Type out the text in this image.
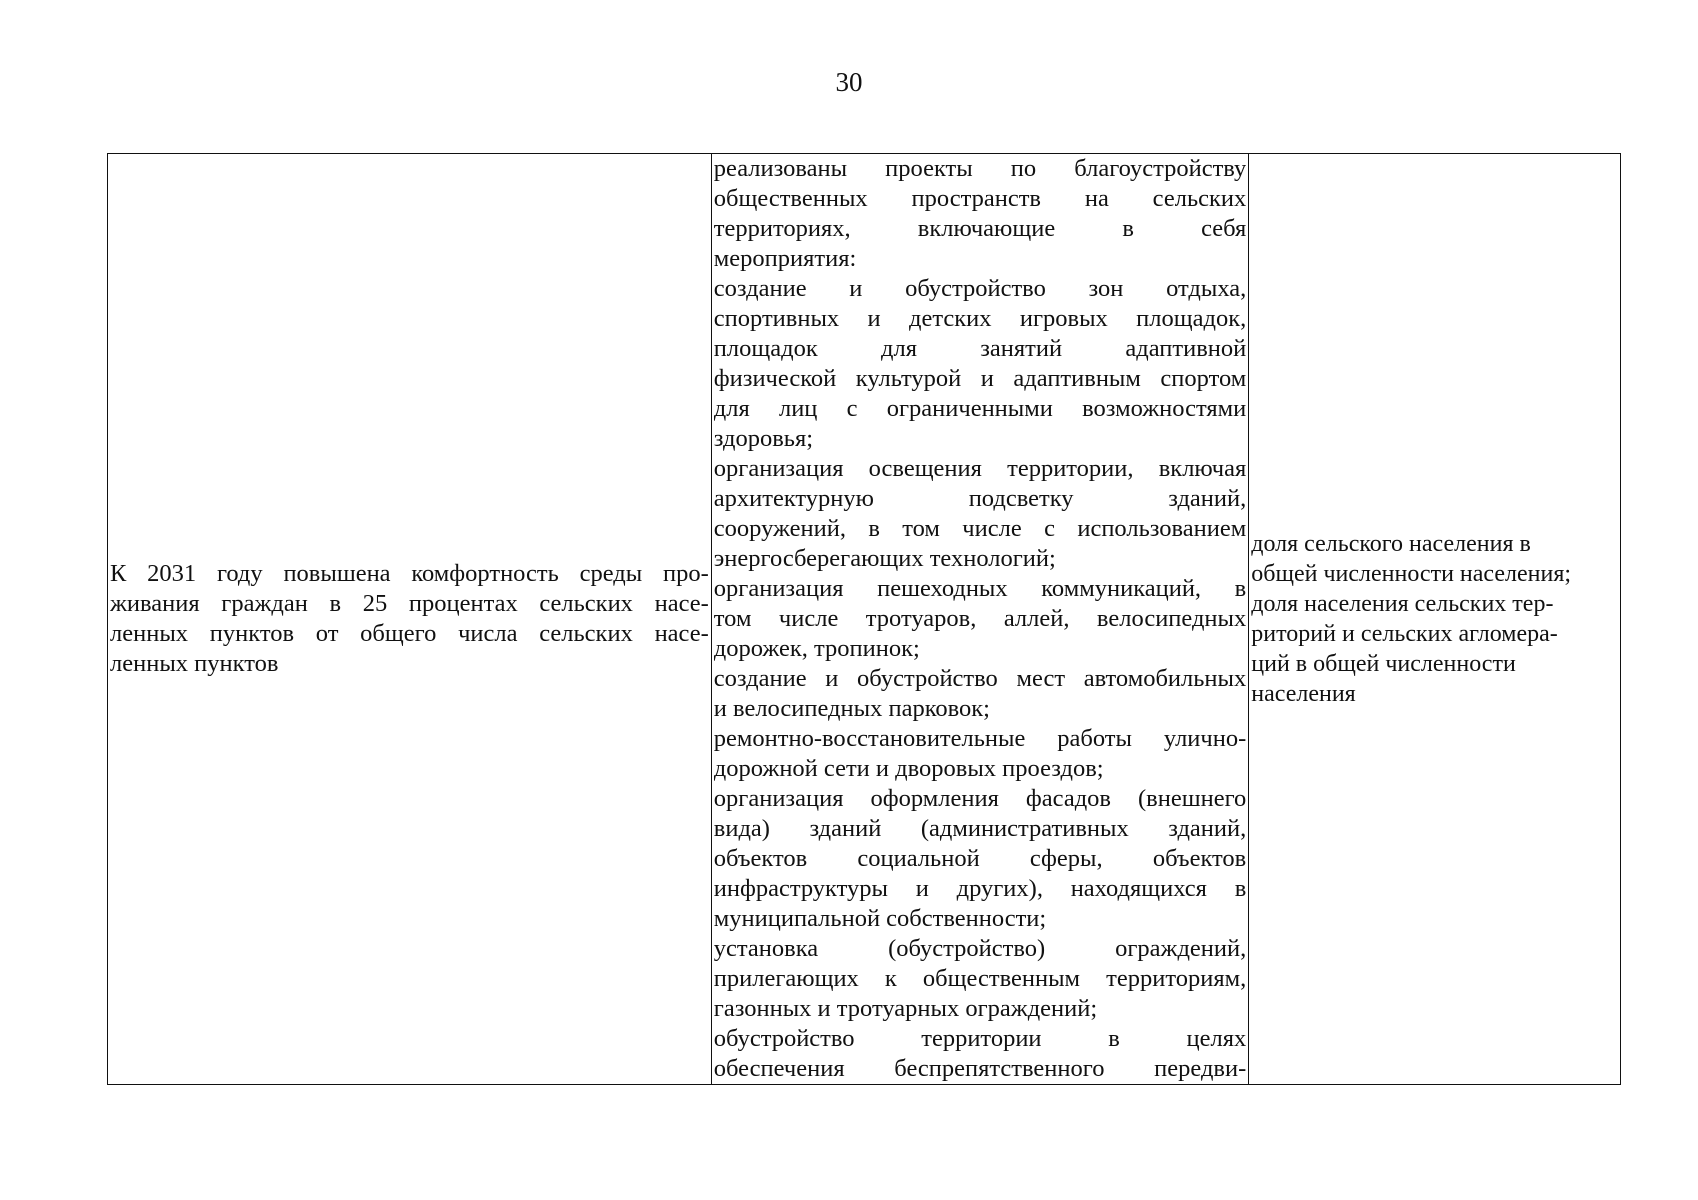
30
К 2031 году повышена комфортность среды про-
живания граждан в 25 процентах сельских насе-
ленных пунктов от общего числа сельских насе-
ленных пунктов

реализованы проекты по благоустройству
общественных пространств на сельских
территориях, включающие в себя
мероприятия:
создание и обустройство зон отдыха,
спортивных и детских игровых площадок,
площадок для занятий адаптивной
физической культурой и адаптивным спортом
для лиц с ограниченными возможностями
здоровья;
организация освещения территории, включая
архитектурную подсветку зданий,
сооружений, в том числе с использованием
энергосберегающих технологий;
организация пешеходных коммуникаций, в
том числе тротуаров, аллей, велосипедных
дорожек, тропинок;
создание и обустройство мест автомобильных
и велосипедных парковок;
ремонтно-восстановительные работы улично-
дорожной сети и дворовых проездов;
организация оформления фасадов (внешнего
вида) зданий (административных зданий,
объектов социальной сферы, объектов
инфраструктуры и других), находящихся в
муниципальной собственности;
установка (обустройство) ограждений,
прилегающих к общественным территориям,
газонных и тротуарных ограждений;
обустройство территории в целях
обеспечения беспрепятственного передви-

доля сельского населения в
общей численности населения;
доля населения сельских тер-
риторий и сельских агломера-
ций в общей численности
населения
